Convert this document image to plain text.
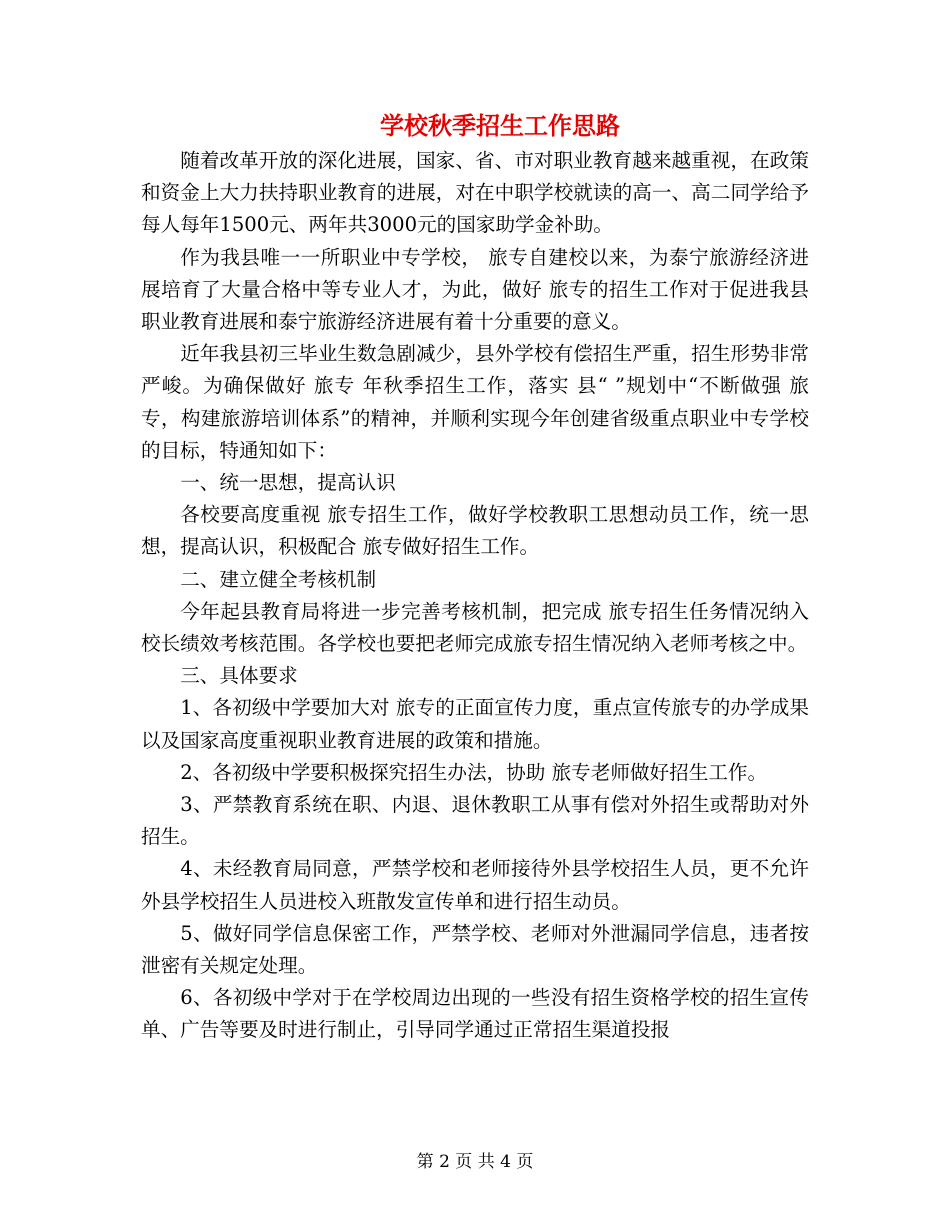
学校秋季招生工作思路

随着改革开放的深化进展，国家、省、市对职业教育越来越重视，在政策和资金上大力扶持职业教育的进展，对在中职学校就读的高一、高二同学给予每人每年1500元、两年共3000元的国家助学金补助。

作为我县唯一一所职业中专学校， 旅专自建校以来，为泰宁旅游经济进展培育了大量合格中等专业人才，为此，做好 旅专的招生工作对于促进我县职业教育进展和泰宁旅游经济进展有着十分重要的意义。

近年我县初三毕业生数急剧减少，县外学校有偿招生严重，招生形势非常严峻。为确保做好 旅专 年秋季招生工作，落实 县“ ”规划中“不断做强 旅专，构建旅游培训体系”的精神，并顺利实现今年创建省级重点职业中专学校的目标，特通知如下：

一、统一思想，提高认识

各校要高度重视 旅专招生工作，做好学校教职工思想动员工作，统一思想，提高认识，积极配合 旅专做好招生工作。

二、建立健全考核机制

今年起县教育局将进一步完善考核机制，把完成 旅专招生任务情况纳入校长绩效考核范围。各学校也要把老师完成旅专招生情况纳入老师考核之中。

三、具体要求

1、各初级中学要加大对 旅专的正面宣传力度，重点宣传旅专的办学成果以及国家高度重视职业教育进展的政策和措施。

2、各初级中学要积极探究招生办法，协助 旅专老师做好招生工作。

3、严禁教育系统在职、内退、退休教职工从事有偿对外招生或帮助对外招生。

4、未经教育局同意，严禁学校和老师接待外县学校招生人员，更不允许外县学校招生人员进校入班散发宣传单和进行招生动员。

5、做好同学信息保密工作，严禁学校、老师对外泄漏同学信息，违者按泄密有关规定处理。

6、各初级中学对于在学校周边出现的一些没有招生资格学校的招生宣传单、广告等要及时进行制止，引导同学通过正常招生渠道投报

第 2 页 共 4 页
